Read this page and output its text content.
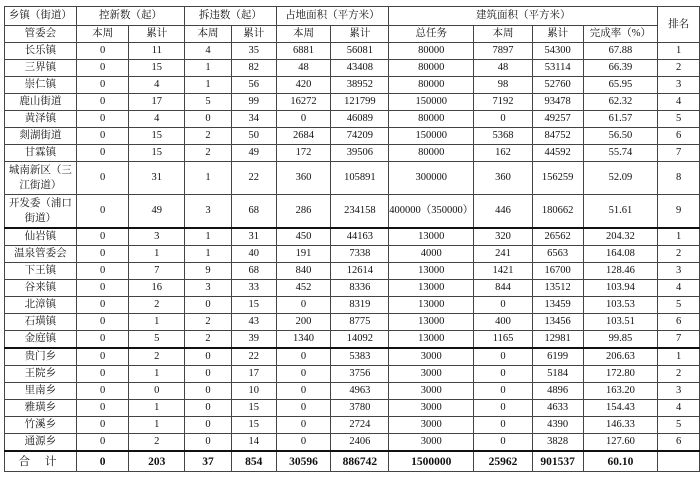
乡镇（街道）	控新数（起）		拆违数（起）		占地面积（平方米）		建筑面积（平方米）				排名
管委会	本周	累计	本周	累计	本周	累计	总任务	本周	累计	完成率（%）	
长乐镇	0	11	4	35	6881	56081	80000	7897	54300	67.88	1
三界镇	0	15	1	82	48	43408	80000	48	53114	66.39	2
崇仁镇	0	4	1	56	420	38952	80000	98	52760	65.95	3
鹿山街道	0	17	5	99	16272	121799	150000	7192	93478	62.32	4
黄泽镇	0	4	0	34	0	46089	80000	0	49257	61.57	5
剡湖街道	0	15	2	50	2684	74209	150000	5368	84752	56.50	6
甘霖镇	0	15	2	49	172	39506	80000	162	44592	55.74	7
城南新区（三江街道）	0	31	1	22	360	105891	300000	360	156259	52.09	8
开发委（浦口街道）	0	49	3	68	286	234158	400000（350000）	446	180662	51.61	9
仙岩镇	0	3	1	31	450	44163	13000	320	26562	204.32	1
温泉管委会	0	1	1	40	191	7338	4000	241	6563	164.08	2
下王镇	0	7	9	68	840	12614	13000	1421	16700	128.46	3
谷来镇	0	16	3	33	452	8336	13000	844	13512	103.94	4
北漳镇	0	2	0	15	0	8319	13000	0	13459	103.53	5
石璜镇	0	1	2	43	200	8775	13000	400	13456	103.51	6
金庭镇	0	5	2	39	1340	14092	13000	1165	12981	99.85	7
贵门乡	0	2	0	22	0	5383	3000	0	6199	206.63	1
王院乡	0	1	0	17	0	3756	3000	0	5184	172.80	2
里南乡	0	0	0	10	0	4963	3000	0	4896	163.20	3
雅璜乡	0	1	0	15	0	3780	3000	0	4633	154.43	4
竹溪乡	0	1	0	15	0	2724	3000	0	4390	146.33	5
通源乡	0	2	0	14	0	2406	3000	0	3828	127.60	6
合 计	0	203	37	854	30596	886742	1500000	25962	901537	60.10	
